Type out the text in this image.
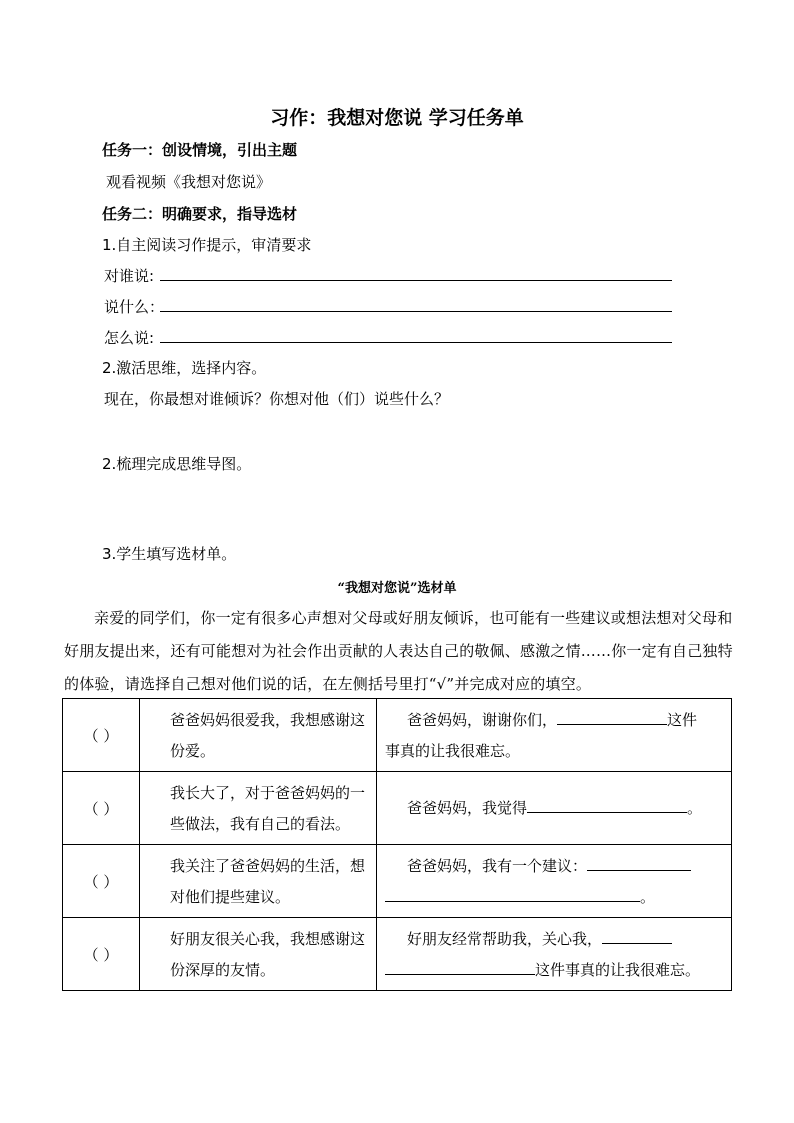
习作：我想对您说 学习任务单
任务一：创设情境，引出主题
观看视频《我想对您说》
任务二：明确要求，指导选材
1.自主阅读习作提示，审清要求
对谁说:
说什么：
怎么说:
2.激活思维，选择内容。
现在，你最想对谁倾诉？你想对他（们）说些什么？
2.梳理完成思维导图。
3.学生填写选材单。
“我想对您说”选材单
亲爱的同学们，你一定有很多心声想对父母或好朋友倾诉，也可能有一些建议或想法想对父母和好朋友提出来，还有可能想对为社会作出贡献的人表达自己的敬佩、感激之情……你一定有自己独特的体验，请选择自己想对他们说的话，在左侧括号里打“√”并完成对应的填空。
（ ）	爸爸妈妈很爱我，我想感谢这份爱。	爸爸妈妈，谢谢你们， 这件
事真的让我很难忘。

（ ）	我长大了，对于爸爸妈妈的一些做法，我有自己的看法。	爸爸妈妈，我觉得 。

（ ）	我关注了爸爸妈妈的生活，想对他们提些建议。	爸爸妈妈，我有一个建议：
。

（ ）	好朋友很关心我，我想感谢这份深厚的友情。	好朋友经常帮助我，关心我，
这件事真的让我很难忘。
